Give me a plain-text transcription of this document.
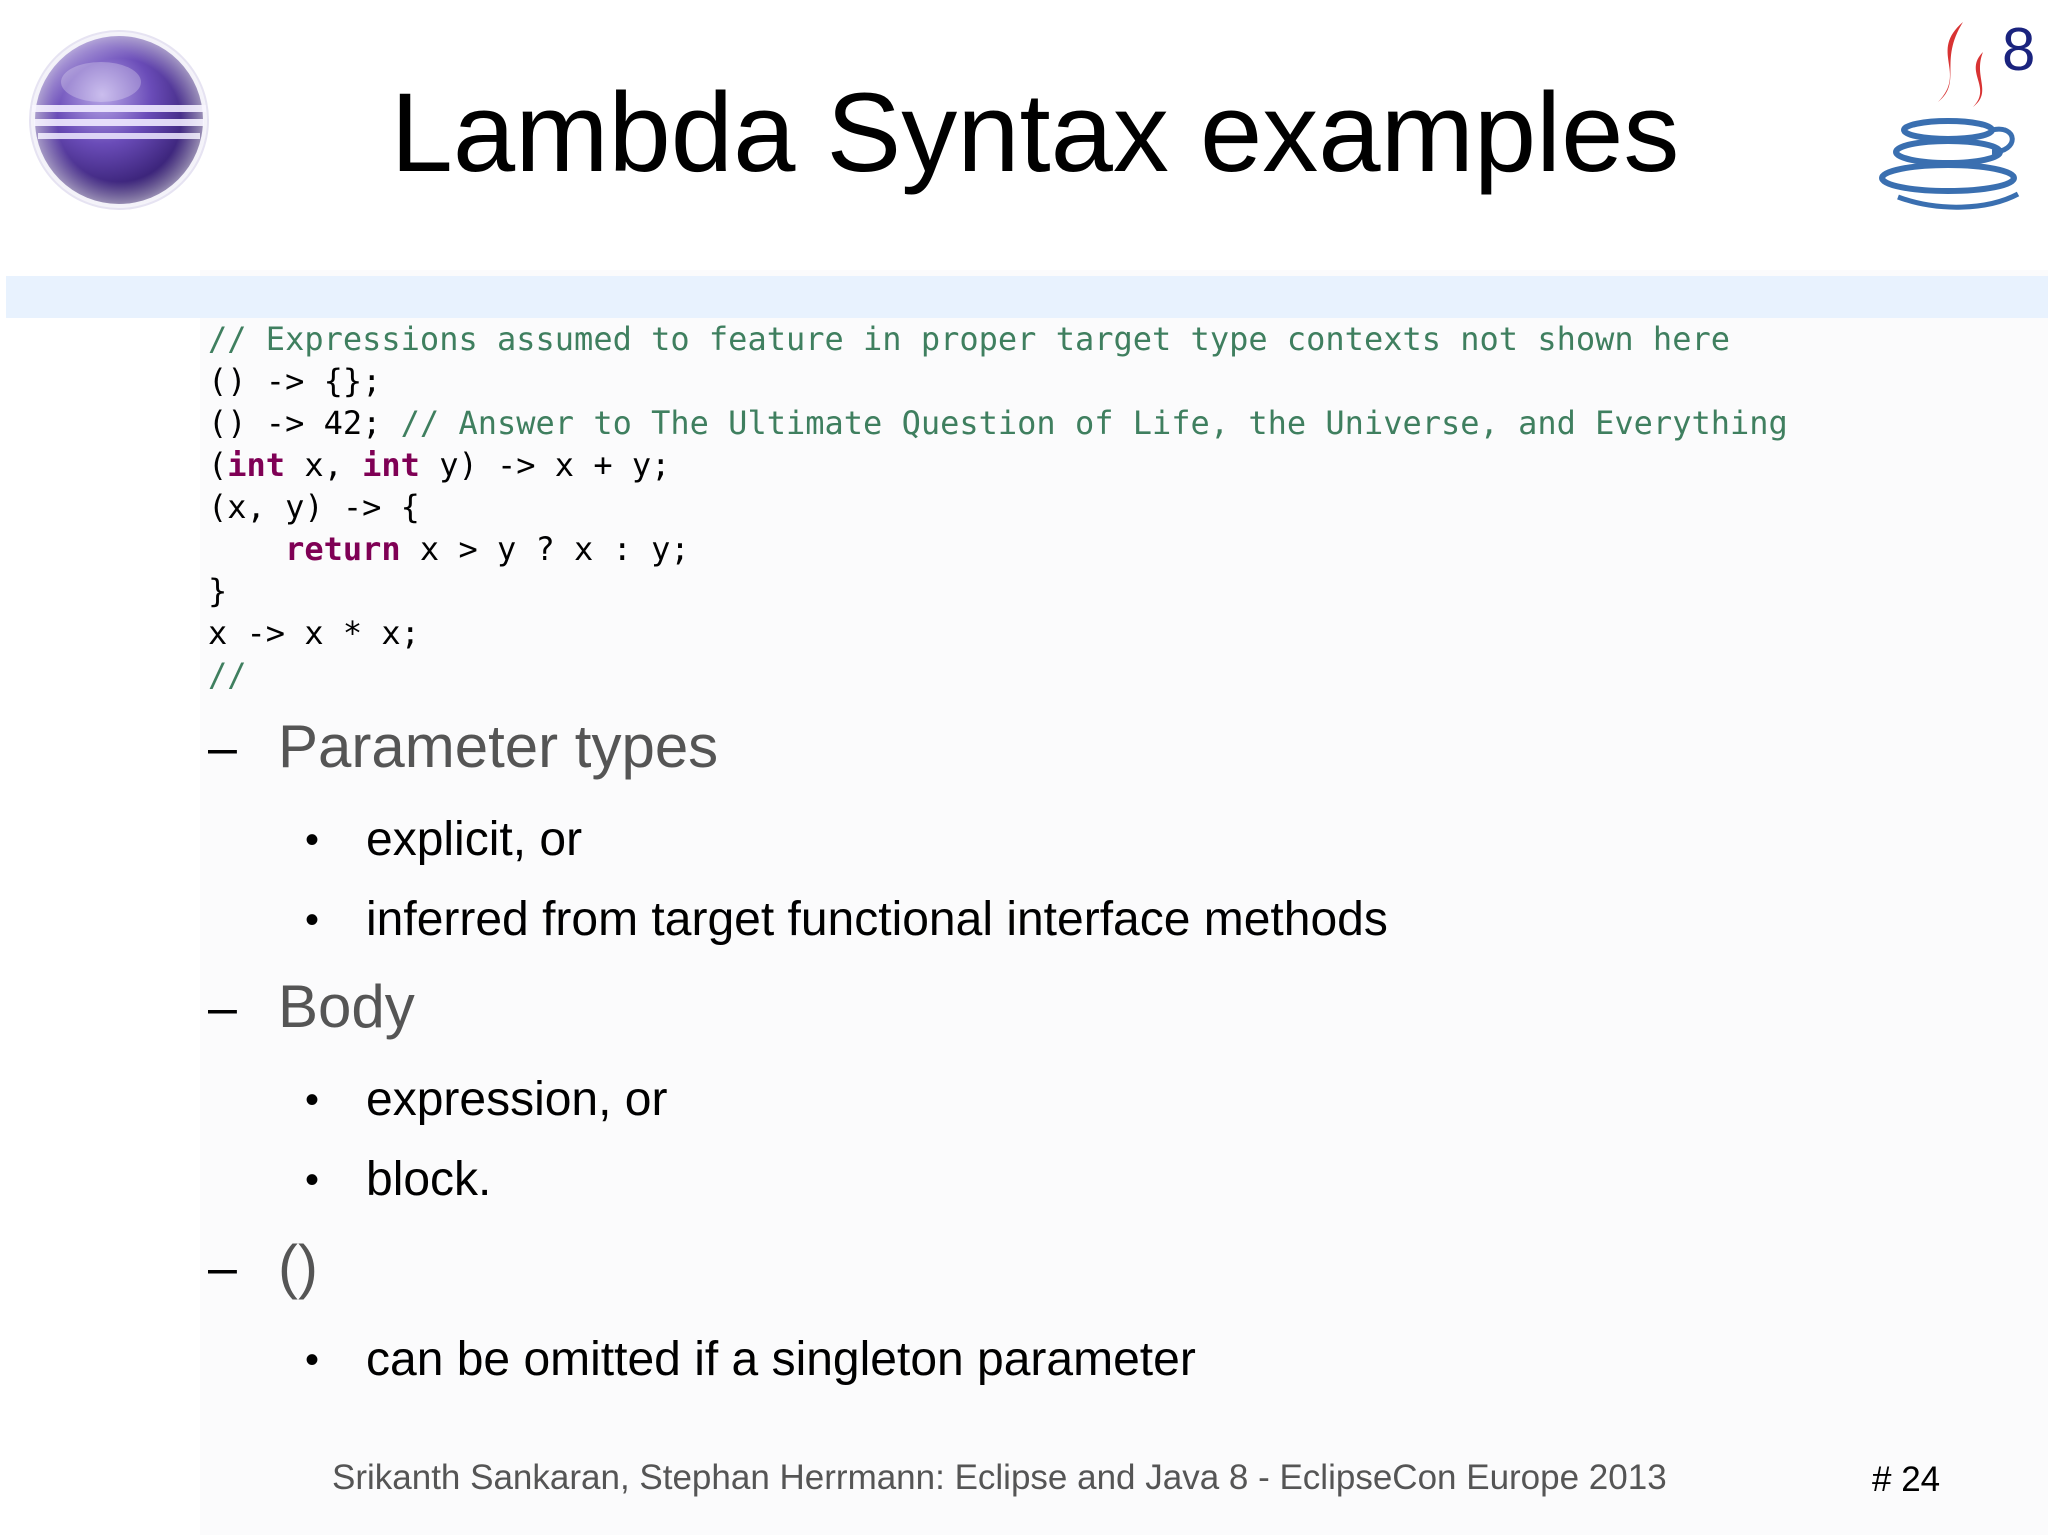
Lambda Syntax examples
8

// Expressions assumed to feature in proper target type contexts not shown here

() -> {};

() -> 42; // Answer to The Ultimate Question of Life, the Universe, and Everything

(int x, int y) -> x + y;

(x, y) -> {

return x > y ? x : y;

}

x -> x * x;

//

– Parameter types
• explicit, or
• inferred from target functional interface methods
– Body
• expression, or
• block.
– ()
• can be omitted if a singleton parameter
Srikanth Sankaran, Stephan Herrmann: Eclipse and Java 8 - EclipseCon Europe 2013	# 24
